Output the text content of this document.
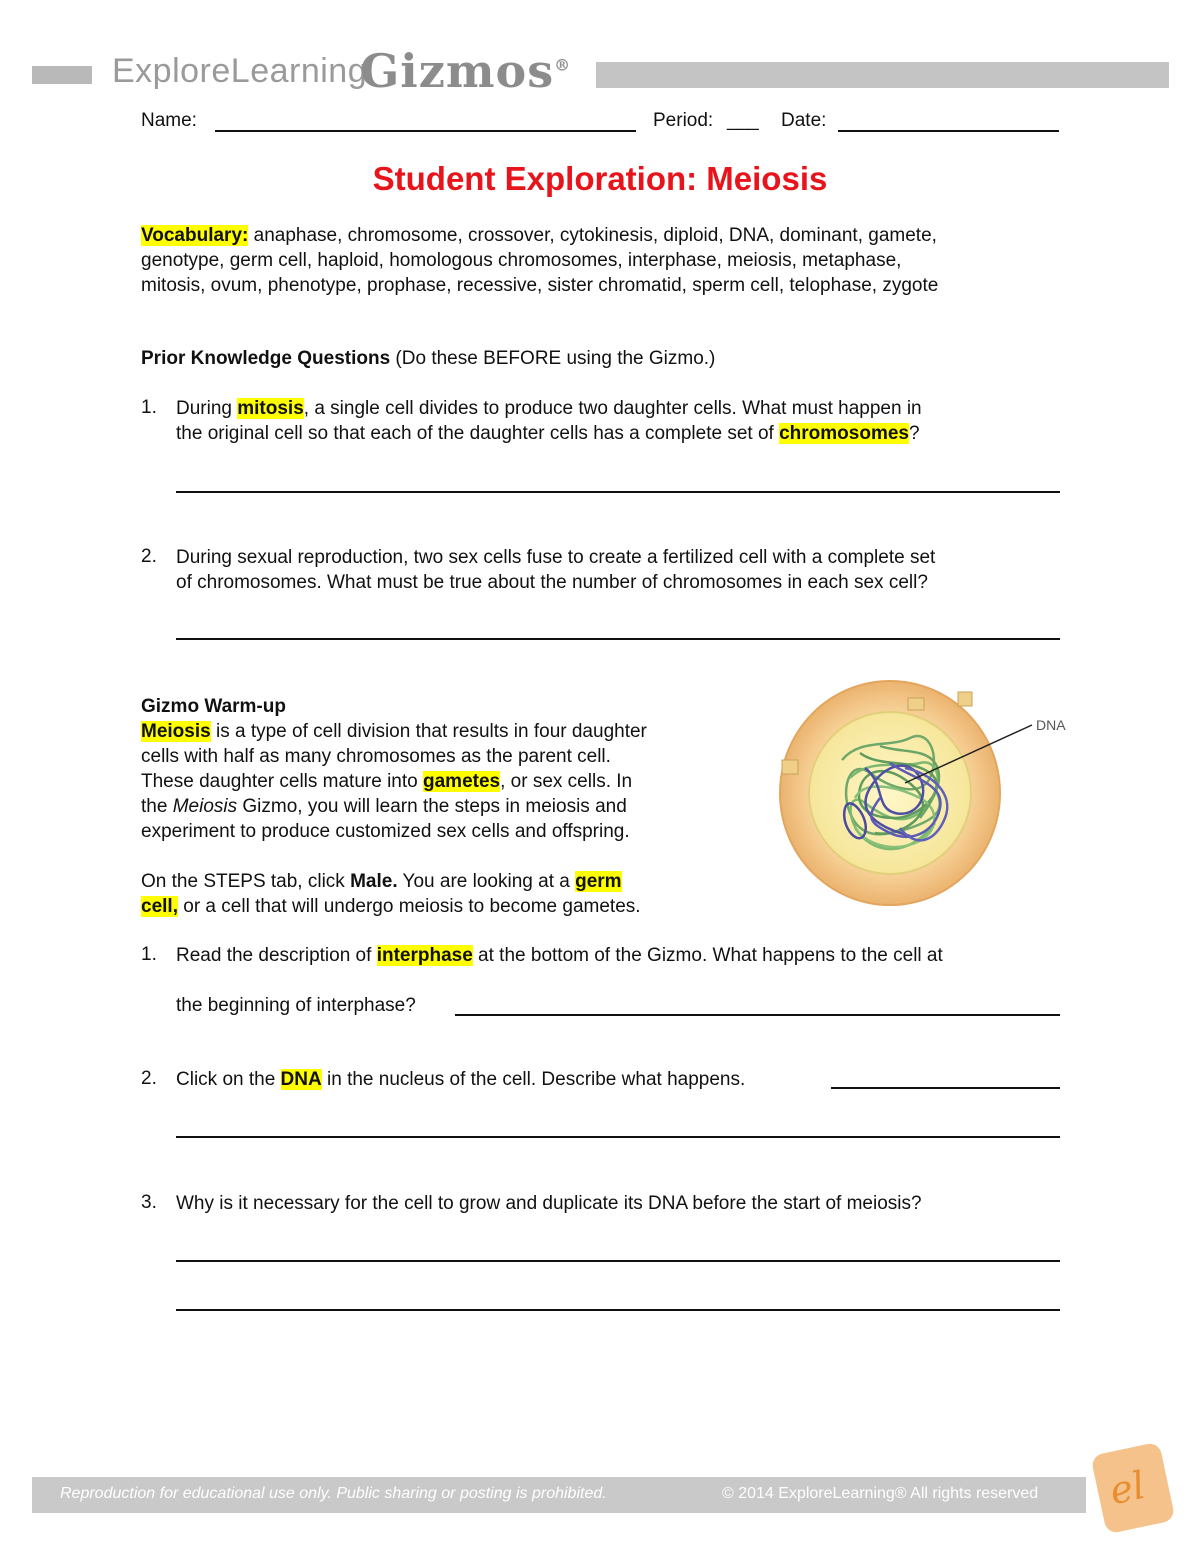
ExploreLearning
Gizmos®
Name:	Period: ___ Date:
Student Exploration: Meiosis
Vocabulary: anaphase, chromosome, crossover, cytokinesis, diploid, DNA, dominant, gamete,
genotype, germ cell, haploid, homologous chromosomes, interphase, meiosis, metaphase,
mitosis, ovum, phenotype, prophase, recessive, sister chromatid, sperm cell, telophase, zygote
Prior Knowledge Questions (Do these BEFORE using the Gizmo.)
1. During mitosis, a single cell divides to produce two daughter cells. What must happen in
the original cell so that each of the daughter cells has a complete set of chromosomes?
2. During sexual reproduction, two sex cells fuse to create a fertilized cell with a complete set
of chromosomes. What must be true about the number of chromosomes in each sex cell?
Gizmo Warm-up
Meiosis is a type of cell division that results in four daughter
cells with half as many chromosomes as the parent cell.
These daughter cells mature into gametes, or sex cells. In
the Meiosis Gizmo, you will learn the steps in meiosis and
experiment to produce customized sex cells and offspring.
On the STEPS tab, click Male. You are looking at a germ
cell, or a cell that will undergo meiosis to become gametes.
DNA
1. Read the description of interphase at the bottom of the Gizmo. What happens to the cell at
the beginning of interphase?
2. Click on the DNA in the nucleus of the cell. Describe what happens.
3. Why is it necessary for the cell to grow and duplicate its DNA before the start of meiosis?
Reproduction for educational use only. Public sharing or posting is prohibited.	© 2014 ExploreLearning® All rights reserved el
